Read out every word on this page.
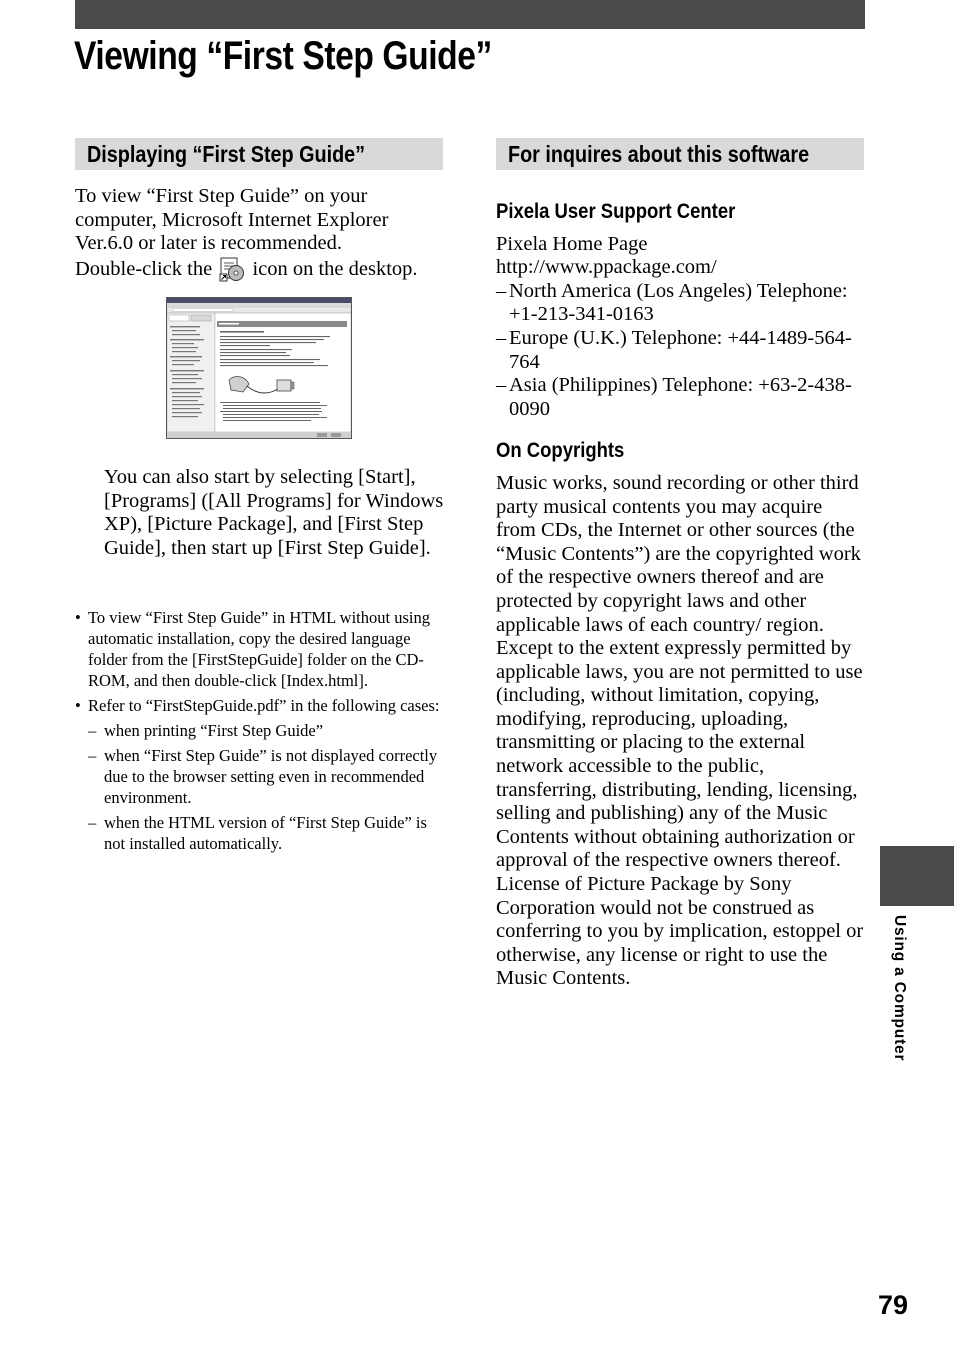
Viewing “First Step Guide”
Displaying “First Step Guide”	For inquires about this software

To view “First Step Guide” on your

computer, Microsoft Internet Explorer

Ver.6.0 or later is recommended.

Double-click the icon on the desktop.

You can also start by selecting [Start], [Programs] ([All Programs] for Windows XP), [Picture Package], and [First Step Guide], then start up [First Step Guide].

• To view “First Step Guide” in HTML without using automatic installation, copy the desired language folder from the [FirstStepGuide] folder on the CD-ROM, and then double-click [Index.html].

• Refer to “FirstStepGuide.pdf” in the following cases:

– when printing “First Step Guide”

– when “First Step Guide” is not displayed correctly due to the browser setting even in recommended environment.

– when the HTML version of “First Step Guide” is not installed automatically.

Pixela User Support Center

Pixela Home Page

http://www.ppackage.com/

– North America (Los Angeles) Telephone: +1-213-341-0163

– Europe (U.K.) Telephone: +44-1489-564-764

– Asia (Philippines) Telephone: +63-2-438-0090

On Copyrights

Music works, sound recording or other third party musical contents you may acquire from CDs, the Internet or other sources (the “Music Contents”) are the copyrighted work of the respective owners thereof and are protected by copyright laws and other applicable laws of each country/ region. Except to the extent expressly permitted by applicable laws, you are not permitted to use (including, without limitation, copying, modifying, reproducing, uploading, transmitting or placing to the external network accessible to the public, transferring, distributing, lending, licensing, selling and publishing) any of the Music Contents without obtaining authorization or approval of the respective owners thereof. License of Picture Package by Sony Corporation would not be construed as conferring to you by implication, estoppel or otherwise, any license or right to use the Music Contents.	Using a Computer
79
